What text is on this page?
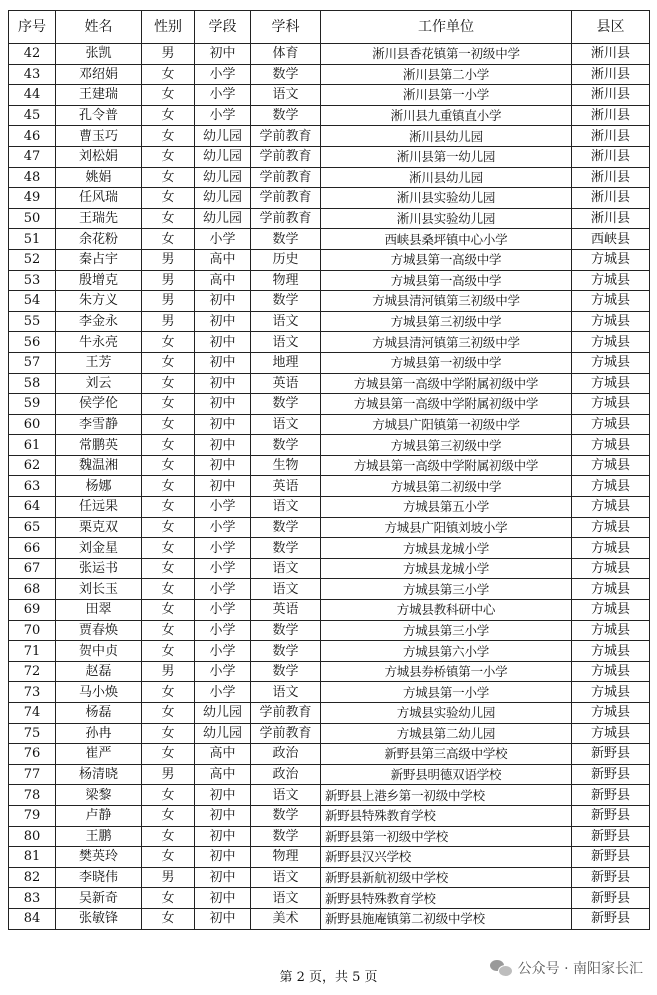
序号	姓名	性别	学段	学科	工作单位	县区
42	张凯	男	初中	体育	淅川县香花镇第一初级中学	淅川县
43	邓绍娟	女	小学	数学	淅川县第二小学	淅川县
44	王建瑞	女	小学	语文	淅川县第一小学	淅川县
45	孔令普	女	小学	数学	淅川县九重镇直小学	淅川县
46	曹玉巧	女	幼儿园	学前教育	淅川县幼儿园	淅川县
47	刘松娟	女	幼儿园	学前教育	淅川县第一幼儿园	淅川县
48	姚娟	女	幼儿园	学前教育	淅川县幼儿园	淅川县
49	任风瑞	女	幼儿园	学前教育	淅川县实验幼儿园	淅川县
50	王瑞先	女	幼儿园	学前教育	淅川县实验幼儿园	淅川县
51	余花粉	女	小学	数学	西峡县桑坪镇中心小学	西峡县
52	秦占宇	男	高中	历史	方城县第一高级中学	方城县
53	殷增克	男	高中	物理	方城县第一高级中学	方城县
54	朱方义	男	初中	数学	方城县清河镇第三初级中学	方城县
55	李金永	男	初中	语文	方城县第三初级中学	方城县
56	牛永亮	女	初中	语文	方城县清河镇第三初级中学	方城县
57	王芳	女	初中	地理	方城县第一初级中学	方城县
58	刘云	女	初中	英语	方城县第一高级中学附属初级中学	方城县
59	侯学伦	女	初中	数学	方城县第一高级中学附属初级中学	方城县
60	李雪静	女	初中	语文	方城县广阳镇第一初级中学	方城县
61	常鹏英	女	初中	数学	方城县第三初级中学	方城县
62	魏温湘	女	初中	生物	方城县第一高级中学附属初级中学	方城县
63	杨娜	女	初中	英语	方城县第二初级中学	方城县
64	任远果	女	小学	语文	方城县第五小学	方城县
65	栗克双	女	小学	数学	方城县广阳镇刘坡小学	方城县
66	刘金星	女	小学	数学	方城县龙城小学	方城县
67	张运书	女	小学	语文	方城县龙城小学	方城县
68	刘长玉	女	小学	语文	方城县第三小学	方城县
69	田翠	女	小学	英语	方城县教科研中心	方城县
70	贾春焕	女	小学	数学	方城县第三小学	方城县
71	贺中贞	女	小学	数学	方城县第六小学	方城县
72	赵磊	男	小学	数学	方城县券桥镇第一小学	方城县
73	马小焕	女	小学	语文	方城县第一小学	方城县
74	杨磊	女	幼儿园	学前教育	方城县实验幼儿园	方城县
75	孙冉	女	幼儿园	学前教育	方城县第二幼儿园	方城县
76	崔严	女	高中	政治	新野县第三高级中学校	新野县
77	杨清晓	男	高中	政治	新野县明德双语学校	新野县
78	梁黎	女	初中	语文	新野县上港乡第一初级中学校	新野县
79	卢静	女	初中	数学	新野县特殊教育学校	新野县
80	王鹏	女	初中	数学	新野县第一初级中学校	新野县
81	樊英玲	女	初中	物理	新野县汉兴学校	新野县
82	李晓伟	男	初中	语文	新野县新航初级中学校	新野县
83	吴新奇	女	初中	语文	新野县特殊教育学校	新野县
84	张敏锋	女	初中	美术	新野县施庵镇第二初级中学校	新野县
第 2 页，共 5 页
公众号 · 南阳家长汇
